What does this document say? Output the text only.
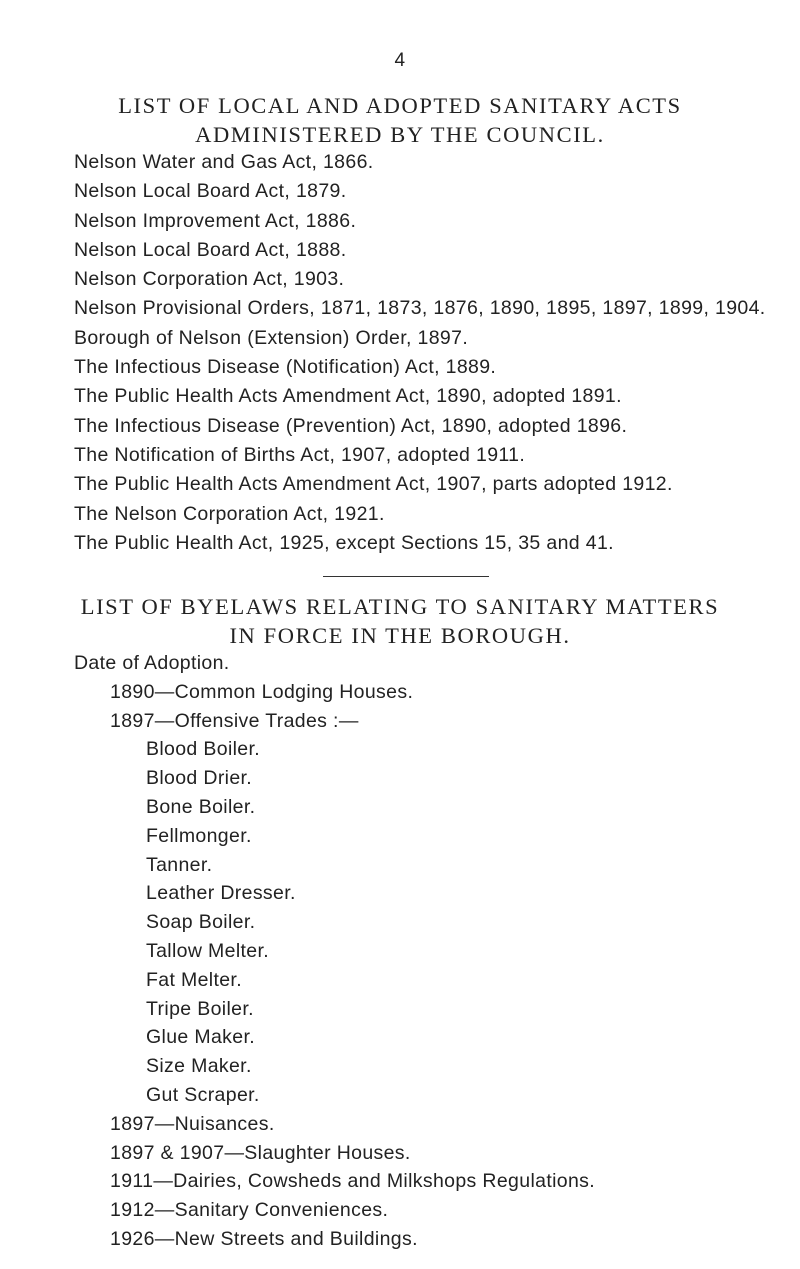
4
LIST OF LOCAL AND ADOPTED SANITARY ACTS
ADMINISTERED BY THE COUNCIL.
Nelson Water and Gas Act, 1866.
Nelson Local Board Act, 1879.
Nelson Improvement Act, 1886.
Nelson Local Board Act, 1888.
Nelson Corporation Act, 1903.
Nelson Provisional Orders, 1871, 1873, 1876, 1890, 1895, 1897, 1899, 1904.
Borough of Nelson (Extension) Order, 1897.
The Infectious Disease (Notification) Act, 1889.
The Public Health Acts Amendment Act, 1890, adopted 1891.
The Infectious Disease (Prevention) Act, 1890, adopted 1896.
The Notification of Births Act, 1907, adopted 1911.
The Public Health Acts Amendment Act, 1907, parts adopted 1912.
The Nelson Corporation Act, 1921.
The Public Health Act, 1925, except Sections 15, 35 and 41.
LIST OF BYELAWS RELATING TO SANITARY MATTERS
IN FORCE IN THE BOROUGH.
Date of Adoption.
1890—Common Lodging Houses.
1897—Offensive Trades :—
Blood Boiler.
Blood Drier.
Bone Boiler.
Fellmonger.
Tanner.
Leather Dresser.
Soap Boiler.
Tallow Melter.
Fat Melter.
Tripe Boiler.
Glue Maker.
Size Maker.
Gut Scraper.
1897—Nuisances.
1897 & 1907—Slaughter Houses.
1911—Dairies, Cowsheds and Milkshops Regulations.
1912—Sanitary Conveniences.
1926—New Streets and Buildings.
